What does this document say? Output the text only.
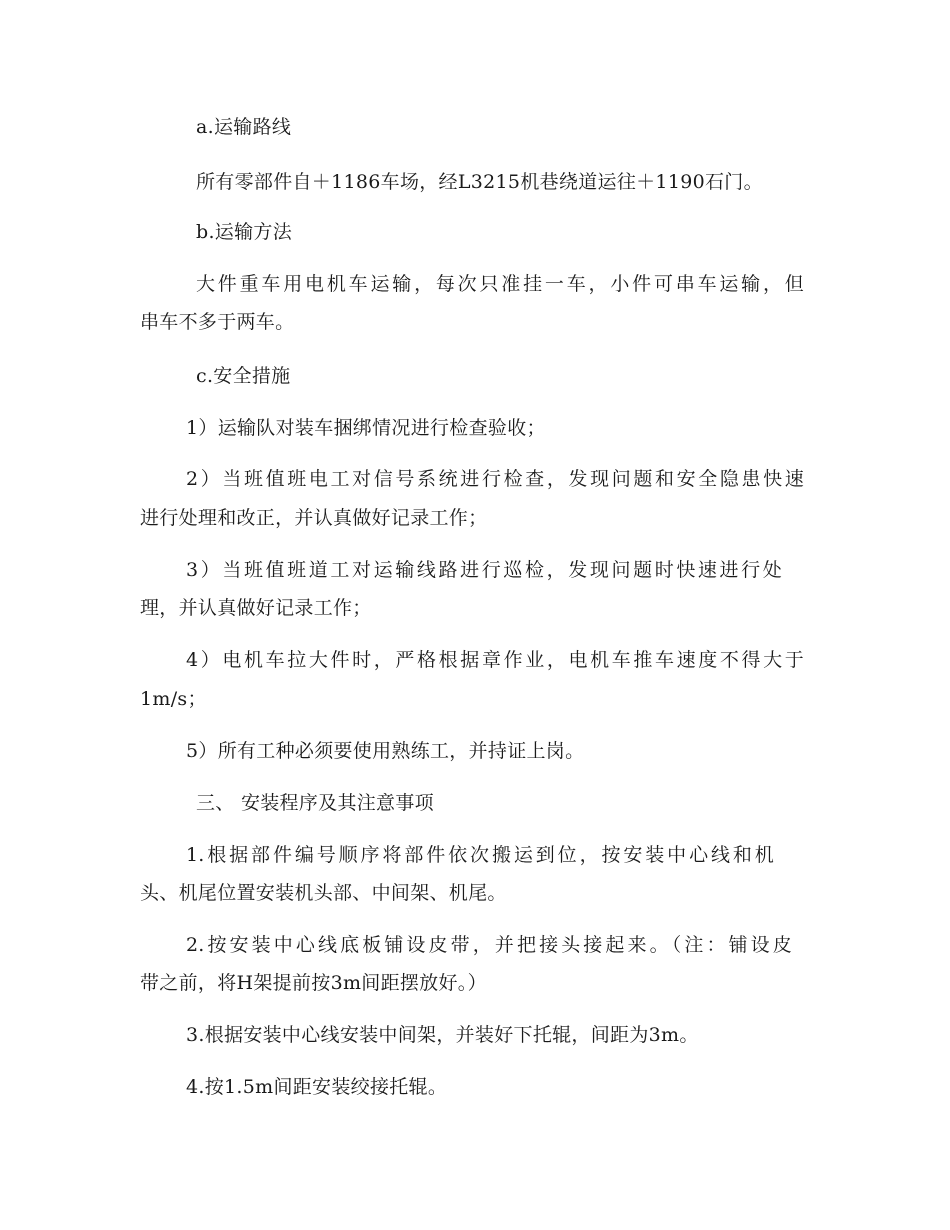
a.运输路线
所有零部件自＋1186车场，经L3215机巷绕道运往＋1190石门。
b.运输方法
大件重车用电机车运输，每次只准挂一车，小件可串车运输，但
串车不多于两车。
c.安全措施
1）运输队对装车捆绑情况进行检查验收；
2）当班值班电工对信号系统进行检查，发现问题和安全隐患快速
进行处理和改正，并认真做好记录工作；
3）当班值班道工对运输线路进行巡检，发现问题时快速进行处
理，并认真做好记录工作；
4）电机车拉大件时，严格根据章作业，电机车推车速度不得大于
1m/s；
5）所有工种必须要使用熟练工，并持证上岗。
三、 安装程序及其注意事项
1.根据部件编号顺序将部件依次搬运到位，按安装中心线和机
头、机尾位置安装机头部、中间架、机尾。
2.按安装中心线底板铺设皮带，并把接头接起来。（注：铺设皮
带之前，将H架提前按3m间距摆放好。）
3.根据安装中心线安装中间架，并装好下托辊，间距为3m。
4.按1.5m间距安装绞接托辊。
